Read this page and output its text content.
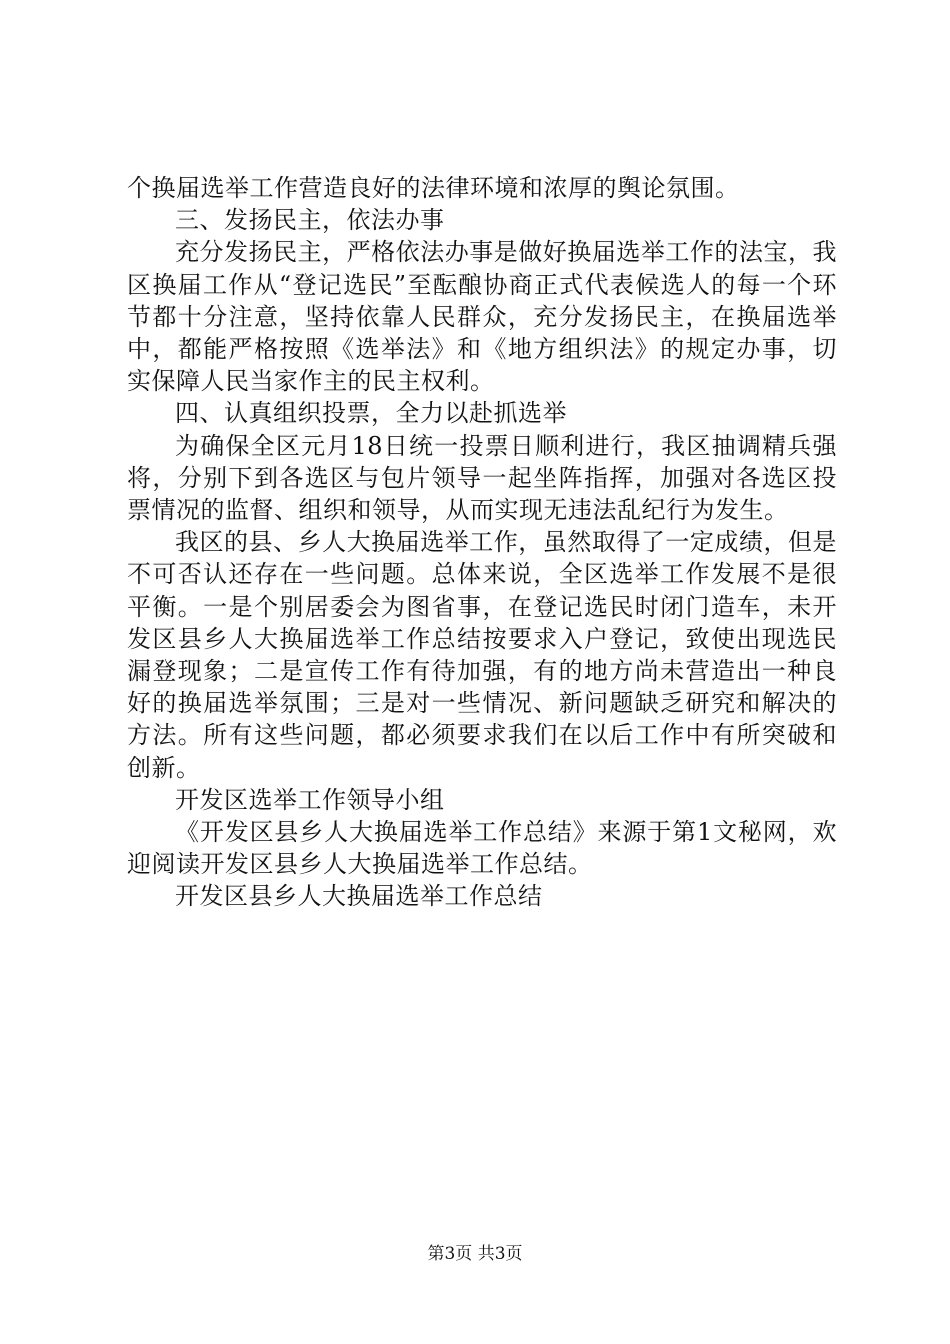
个换届选举工作营造良好的法律环境和浓厚的舆论氛围。

三、发扬民主，依法办事

充分发扬民主，严格依法办事是做好换届选举工作的法宝，我区换届工作从“登记选民”至酝酿协商正式代表候选人的每一个环节都十分注意，坚持依靠人民群众，充分发扬民主，在换届选举中，都能严格按照《选举法》和《地方组织法》的规定办事，切实保障人民当家作主的民主权利。

四、认真组织投票，全力以赴抓选举

为确保全区元月18日统一投票日顺利进行，我区抽调精兵强将，分别下到各选区与包片领导一起坐阵指挥，加强对各选区投票情况的监督、组织和领导，从而实现无违法乱纪行为发生。

我区的县、乡人大换届选举工作，虽然取得了一定成绩，但是不可否认还存在一些问题。总体来说，全区选举工作发展不是很平衡。一是个别居委会为图省事，在登记选民时闭门造车，未开发区县乡人大换届选举工作总结按要求入户登记，致使出现选民漏登现象；二是宣传工作有待加强，有的地方尚未营造出一种良好的换届选举氛围；三是对一些情况、新问题缺乏研究和解决的方法。所有这些问题，都必须要求我们在以后工作中有所突破和创新。

开发区选举工作领导小组

《开发区县乡人大换届选举工作总结》来源于第1文秘网，欢迎阅读开发区县乡人大换届选举工作总结。

开发区县乡人大换届选举工作总结

第3页 共3页
